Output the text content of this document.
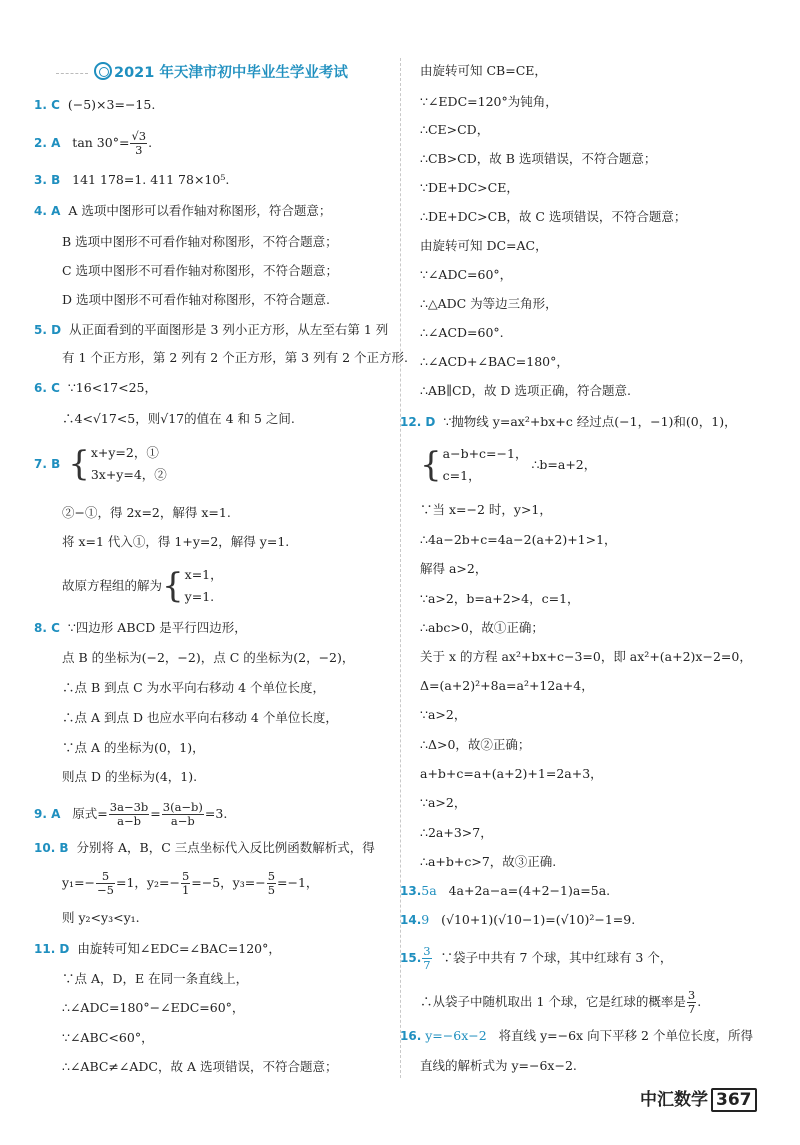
2021 年天津市初中毕业生学业考试
1. C (−5)×3=−15.
2. A $\tan 30^\circ= \frac{√3}{3}$ .
3. B 141 178=1. 411 78×10⁵.
4. A A 选项中图形可以看作轴对称图形，符合题意；
B 选项中图形不可看作轴对称图形，不符合题意；
C 选项中图形不可看作轴对称图形，不符合题意；
D 选项中图形不可看作轴对称图形，不符合题意.
5. D 从正面看到的平面图形是 3 列小正方形，从左至右第 1 列
有 1 个正方形，第 2 列有 2 个正方形，第 3 列有 2 个正方形.
6. C ∵16<17<25，
∴4<√17<5，则√17的值在 4 和 5 之间.
7. B { x+y=2，①
3x+y=4，②
②−①，得 2x=2，解得 x=1.
将 x=1 代入①，得 1+y=2，解得 y=1.
故原方程组的解为{ x=1，
y=1.
8. C ∵四边形 ABCD 是平行四边形，
点 B 的坐标为(−2，−2)，点 C 的坐标为(2，−2)，
∴点 B 到点 C 为水平向右移动 4 个单位长度，
∴点 A 到点 D 也应水平向右移动 4 个单位长度，
∵点 A 的坐标为(0，1)，
则点 D 的坐标为(4，1).
9. A 原式= $\frac{3a-3b}{a-b} = \frac{3(a-b)}{a-b} =3$.
10. B 分别将 A，B，C 三点坐标代入反比例函数解析式，得
$y_1=- \frac{5}{-5} =1$，$y_2=- \frac{5}{1} =-5$，$y_3=- \frac{5}{5} =-1$，
则 y₂<y₃<y₁.
11. D 由旋转可知∠EDC=∠BAC=120°，
∵点 A，D，E 在同一条直线上，
∴∠ADC=180°−∠EDC=60°，
∵∠ABC<60°，
∴∠ABC≠∠ADC，故 A 选项错误，不符合题意；
由旋转可知 CB=CE，
∵∠EDC=120°为钝角，
∴CE>CD，
∴CB>CD，故 B 选项错误，不符合题意；
∵DE+DC>CE，
∴DE+DC>CB，故 C 选项错误，不符合题意；
由旋转可知 DC=AC，
∵∠ADC=60°，
∴△ADC 为等边三角形，
∴∠ACD=60°.
∴∠ACD+∠BAC=180°，
∴AB∥CD，故 D 选项正确，符合题意.
12. D ∵抛物线 y=ax²+bx+c 经过点(−1，−1)和(0，1)，
{ a−b+c=−1，
c=1，
∴b=a+2，
∵当 x=−2 时，y>1，
∴4a−2b+c=4a−2(a+2)+1>1，
解得 a>2，
∵a>2，b=a+2>4，c=1，
∴abc>0，故①正确；
关于 x 的方程 ax²+bx+c−3=0，即 ax²+(a+2)x−2=0，
Δ=(a+2)²+8a=a²+12a+4，
∵a>2，
∴Δ>0，故②正确；
a+b+c=a+(a+2)+1=2a+3，
∵a>2，
∴2a+3>7，
∴a+b+c>7，故③正确.
13.5a 4a+2a−a=(4+2−1)a=5a.
14.9 (√10+1)(√10−1)=(√10)²−1=9.
15. $\frac{3}{7}$ ∵袋子中共有 7 个球，其中红球有 3 个，
∴从袋子中随机取出 1 个球，它是红球的概率是 $\frac{3}{7}$ .
16. y=−6x−2 将直线 y=−6x 向下平移 2 个单位长度，所得
直线的解析式为 y=−6x−2.
中汇数学 367
